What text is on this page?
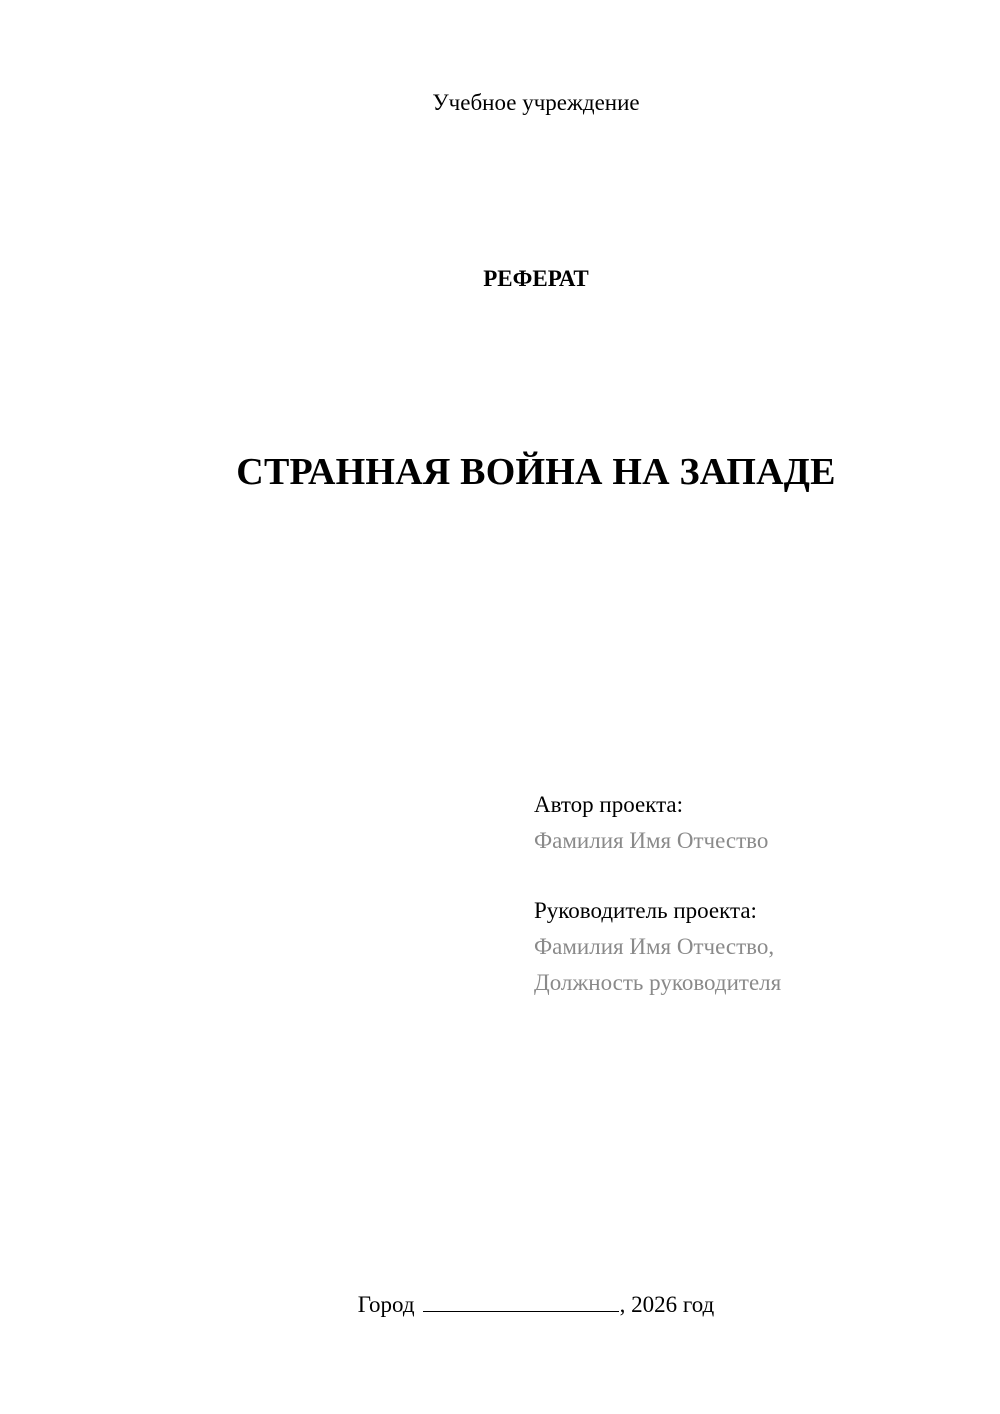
Учебное учреждение
РЕФЕРАТ
СТРАННАЯ ВОЙНА НА ЗАПАДЕ
Автор проекта:
Фамилия Имя Отчество
Руководитель проекта:
Фамилия Имя Отчество,
Должность руководителя
Город	, 2026 год
